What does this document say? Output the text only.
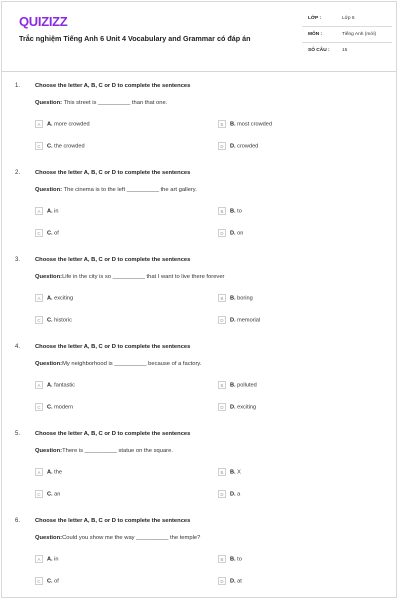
QUIZIZZ
Trắc nghiệm Tiếng Anh 6 Unit 4 Vocabulary and Grammar có đáp án
LỚP :	Lớp 6
MÔN :	Tiếng Anh (mới)
SỐ CÂU :	15
1.	Choose the letter A, B, C or D to complete the sentences
Question: This street is __________ than that one.
A A. more crowded	B B. most crowded
C C. the crowded	D D. crowded
2.	Choose the letter A, B, C or D to complete the sentences
Question: The cinema is to the left __________ the art gallery.
A A. in	B B. to
C C. of	D D. on
3.	Choose the letter A, B, C or D to complete the sentences
Question:Life in the city is so __________ that I want to live there forever
A A. exciting	B B. boring
C C. historic	D D. memorial
4.	Choose the letter A, B, C or D to complete the sentences
Question:My neighborhood is __________ because of a factory.
A A. fantastic	B B. polluted
C C. modern	D D. exciting
5.	Choose the letter A, B, C or D to complete the sentences
Question:There is __________ statue on the square.
A A. the	B B. X
C C. an	D D. a
6.	Choose the letter A, B, C or D to complete the sentences
Question:Could you show me the way __________ the temple?
A A. in	B B. to
C C. of	D D. at
